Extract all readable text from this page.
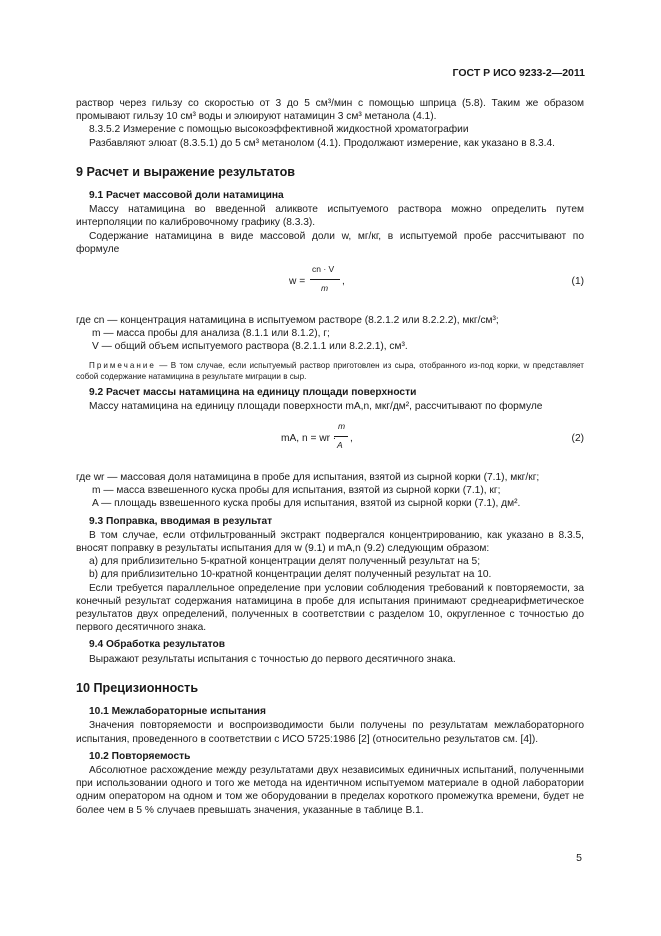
ГОСТ Р ИСО 9233-2—2011

раствор через гильзу со скоростью от 3 до 5 см³/мин с помощью шприца (5.8). Таким же образом промывают гильзу 10 см³ воды и элюируют натамицин 3 см³ метанола (4.1).

8.3.5.2 Измерение с помощью высокоэффективной жидкостной хроматографии

Разбавляют элюат (8.3.5.1) до 5 см³ метанолом (4.1). Продолжают измерение, как указано в 8.3.4.

9 Расчет и выражение результатов

9.1 Расчет массовой доли натамицина

Массу натамицина во введенной аликвоте испытуемого раствора можно определить путем интерполяции по калибровочному графику (8.3.3).

Содержание натамицина в виде массовой доли w, мг/кг, в испытуемой пробе рассчитывают по формуле

w =
cn · V
m
,	(1)

где cn — концентрация натамицина в испытуемом растворе (8.2.1.2 или 8.2.2.2), мкг/см³;

m — масса пробы для анализа (8.1.1 или 8.1.2), г;

V — общий объем испытуемого раствора (8.2.1.1 или 8.2.2.1), см³.

Примечание — В том случае, если испытуемый раствор приготовлен из сыра, отобранного из-под корки, w представляет собой содержание натамицина в результате миграции в сыр.

9.2 Расчет массы натамицина на единицу площади поверхности

Массу натамицина на единицу площади поверхности mA,n, мкг/дм², рассчитывают по формуле

mA, n = wr ·
m
A
,	(2)

где wr — массовая доля натамицина в пробе для испытания, взятой из сырной корки (7.1), мкг/кг;

m — масса взвешенного куска пробы для испытания, взятой из сырной корки (7.1), кг;

A — площадь взвешенного куска пробы для испытания, взятой из сырной корки (7.1), дм².

9.3 Поправка, вводимая в результат

В том случае, если отфильтрованный экстракт подвергался концентрированию, как указано в 8.3.5, вносят поправку в результаты испытания для w (9.1) и mA,n (9.2) следующим образом:

a) для приблизительно 5-кратной концентрации делят полученный результат на 5;

b) для приблизительно 10-кратной концентрации делят полученный результат на 10.

Если требуется параллельное определение при условии соблюдения требований к повторяемости, за конечный результат содержания натамицина в пробе для испытания принимают среднеарифметическое результатов двух определений, полученных в соответствии с разделом 10, округленное с точностью до первого десятичного знака.

9.4 Обработка результатов

Выражают результаты испытания с точностью до первого десятичного знака.

10 Прецизионность

10.1 Межлабораторные испытания

Значения повторяемости и воспроизводимости были получены по результатам межлабораторного испытания, проведенного в соответствии с ИСО 5725:1986 [2] (относительно результатов см. [4]).

10.2 Повторяемость

Абсолютное расхождение между результатами двух независимых единичных испытаний, полученными при использовании одного и того же метода на идентичном испытуемом материале в одной лаборатории одним оператором на одном и том же оборудовании в пределах короткого промежутка времени, будет не более чем в 5 % случаев превышать значения, указанные в таблице В.1.

5
